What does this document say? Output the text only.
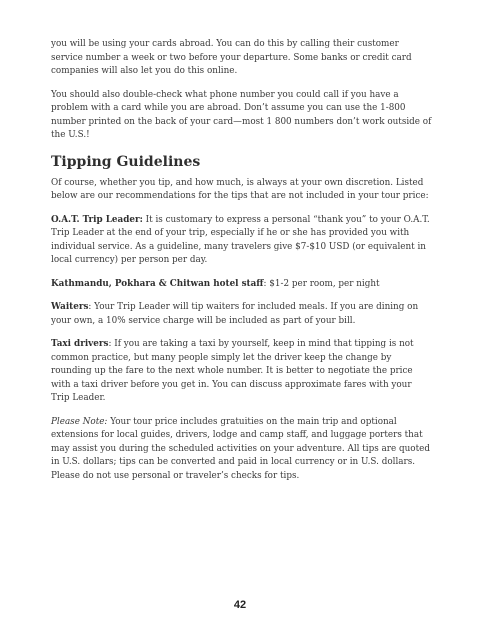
you will be using your cards abroad. You can do this by calling their customer service number a week or two before your departure. Some banks or credit card companies will also let you do this online.

You should also double-check what phone number you could call if you have a problem with a card while you are abroad. Don’t assume you can use the 1-800 number printed on the back of your card—most 1 800 numbers don’t work outside of the U.S.!

Tipping Guidelines

Of course, whether you tip, and how much, is always at your own discretion. Listed below are our recommendations for the tips that are not included in your tour price:

O.A.T. Trip Leader: It is customary to express a personal “thank you” to your O.A.T. Trip Leader at the end of your trip, especially if he or she has provided you with individual service. As a guideline, many travelers give $7-$10 USD (or equivalent in local currency) per person per day.

Kathmandu, Pokhara & Chitwan hotel staff: $1-2 per room, per night

Waiters: Your Trip Leader will tip waiters for included meals. If you are dining on your own, a 10% service charge will be included as part of your bill.

Taxi drivers: If you are taking a taxi by yourself, keep in mind that tipping is not common practice, but many people simply let the driver keep the change by rounding up the fare to the next whole number. It is better to negotiate the price with a taxi driver before you get in. You can discuss approximate fares with your Trip Leader.

Please Note: Your tour price includes gratuities on the main trip and optional extensions for local guides, drivers, lodge and camp staff, and luggage porters that may assist you during the scheduled activities on your adventure. All tips are quoted in U.S. dollars; tips can be converted and paid in local currency or in U.S. dollars. Please do not use personal or traveler’s checks for tips.

42
